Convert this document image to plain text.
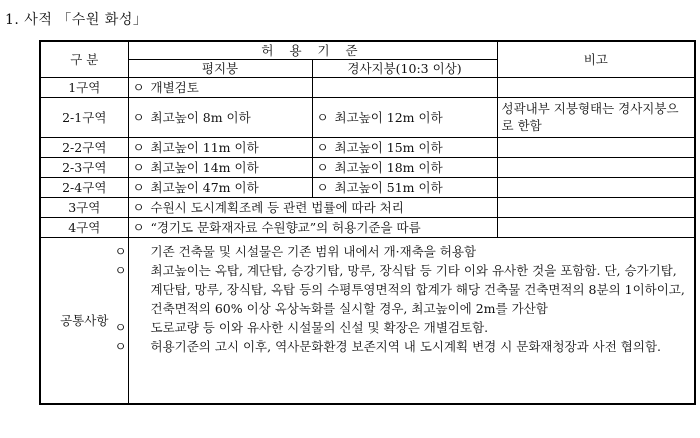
1. 사적 「수원 화성」
구 분	허 용 기 준		비고
	평지붕	경사지붕(10:3 이상)	
1구역	ㅇ 개별검토		
2-1구역	ㅇ 최고높이 8m 이하	ㅇ 최고높이 12m 이하	성곽내부 지붕형태는 경사지붕으로 한함
2-2구역	ㅇ 최고높이 11m 이하	ㅇ 최고높이 15m 이하	
2-3구역	ㅇ 최고높이 14m 이하	ㅇ 최고높이 18m 이하	
2-4구역	ㅇ 최고높이 47m 이하	ㅇ 최고높이 51m 이하	
3구역	ㅇ 수원시 도시계획조례 등 관련 법률에 따라 처리		
4구역	ㅇ “경기도 문화재자료 수원향교”의 허용기준을 따름		
공통사항	ㅇ 기존 건축물 및 시설물은 기존 범위 내에서 개·재축을 허용함
ㅇ 최고높이는 옥탑, 계단탑, 승강기탑, 망루, 장식탑 등 기타 이와 유사한 것을 포함함. 단, 승가기탑, 계단탑, 망루, 장식탑, 옥탑 등의 수평투영면적의 합계가 해당 건축물 건축면적의 8분의 1이하이고, 건축면적의 60% 이상 옥상녹화를 실시할 경우, 최고높이에 2m를 가산함
ㅇ 도로교량 등 이와 유사한 시설물의 신설 및 확장은 개별검토함.
ㅇ 허용기준의 고시 이후, 역사문화환경 보존지역 내 도시계획 변경 시 문화재청장과 사전 협의함.		
